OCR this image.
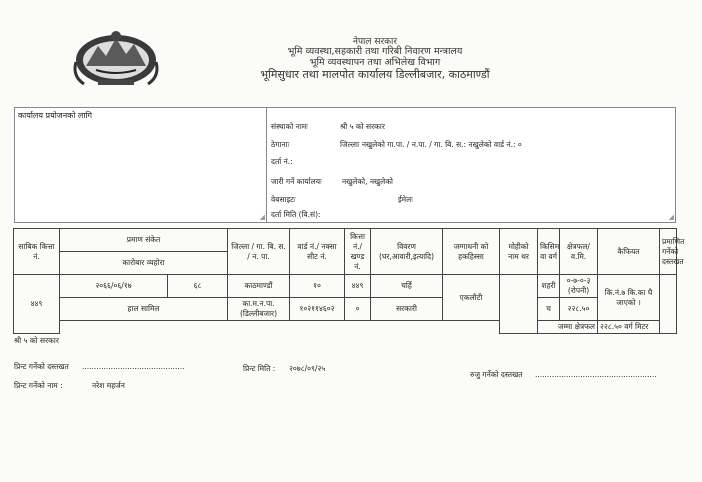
नेपाल सरकार
भूमि व्यवस्था,सहकारी तथा गरिबी निवारण मन्त्रालय
भूमि व्यवस्थापन तथा अभिलेख विभाग
भूमिसुधार तथा मालपोत कार्यालय डिल्लीबजार, काठमाण्डौं
कार्यालय प्रयोजनको लागि
◢	◢
संस्थाको नामः	श्री ५ को सरकार
ठेगानाः	जिल्लाः नखुलेको गा.पा. / न.पा. / गा. बि. स.: नखुलेको वार्ड नं.: ०
दर्ता नं.:
जारी गर्ने कार्यालयः	नखुलेको, नखुलेको
वेबसाइटः	ईमेलः
दर्ता मिति (वि.सं):
साबिक कित्ता नं.	प्रमाण संकेत		जिल्ला / गा. बि. स. / न. पा.	वार्ड नं./ नक्सा सीट नं.	कित्ता नं./ खण्ड नं.	विवरण (घर,आवारी,इत्यादि)	जग्गाधनी को हकहिस्सा	मोहीको नाम थर	किसिम वा वर्ग	क्षेत्रफल/ व.मि.	कैफियत	प्रमाणित गर्नेको दस्तखत
	कारोबार व्यहोरा											
४४९	२०६६/०६/१७	६८	काठमाण्डौं	१०	४४९	चर्हि	एकलौटी		शहरी	०-७-०-३ (रोपनी)	कि.नं.७ कि.का घै जाएको ।	
	हाल सामिल		का.म.न.पा. (डिल्लीबजार)	१०२११४६०२	०	सरकारी			च	२२८.५०		
									जम्मा क्षेत्रफल		२२८.५० वर्ग मिटर	
श्री ५ को सरकार
प्रिन्ट गर्नेको दस्तखत ...........................................	प्रिन्ट मिति : २०७८/०९/२५
रुजु गर्नेको दस्तखत ...................................................
प्रिन्ट गर्नेको नाम :	नरेश महर्जन
